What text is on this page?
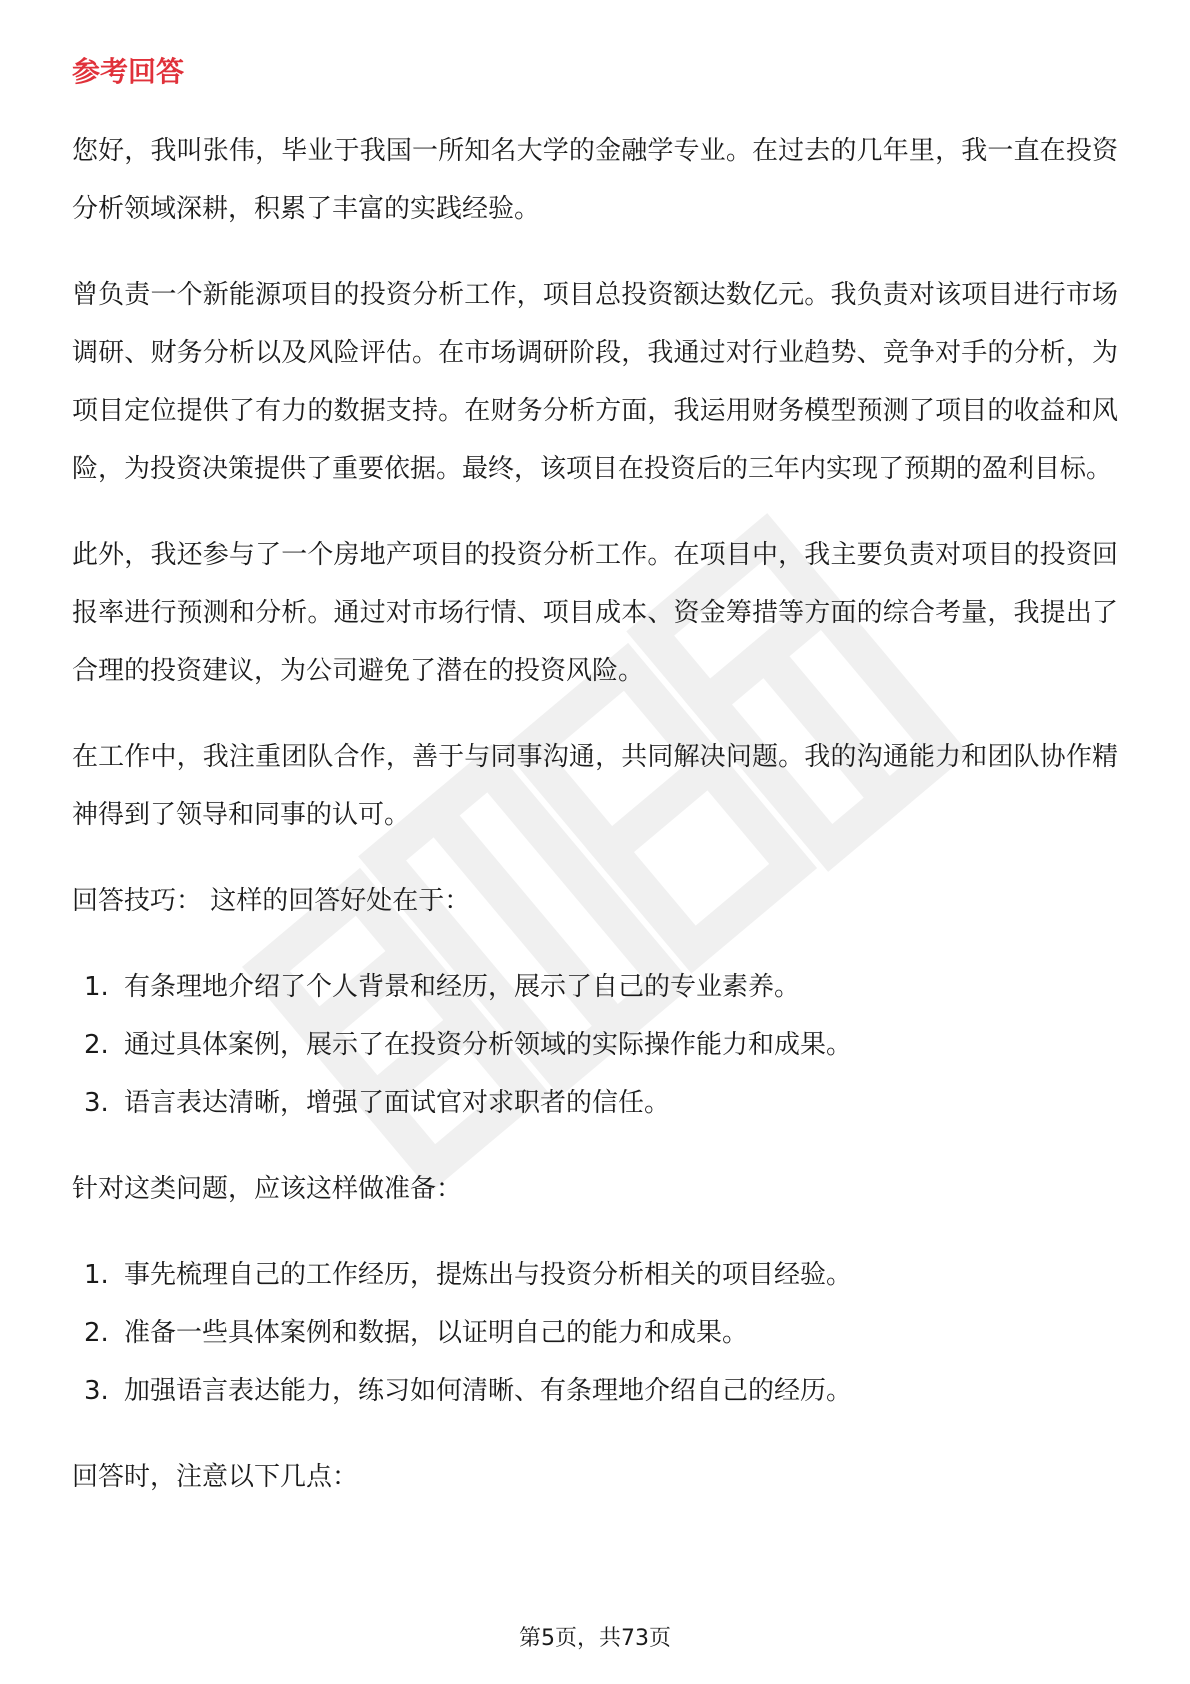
参考回答

您好，我叫张伟，毕业于我国一所知名大学的金融学专业。在过去的几年里，我一直在投资分析领域深耕，积累了丰富的实践经验。

曾负责一个新能源项目的投资分析工作，项目总投资额达数亿元。我负责对该项目进行市场调研、财务分析以及风险评估。在市场调研阶段，我通过对行业趋势、竞争对手的分析，为项目定位提供了有力的数据支持。在财务分析方面，我运用财务模型预测了项目的收益和风险，为投资决策提供了重要依据。最终，该项目在投资后的三年内实现了预期的盈利目标。

此外，我还参与了一个房地产项目的投资分析工作。在项目中，我主要负责对项目的投资回报率进行预测和分析。通过对市场行情、项目成本、资金筹措等方面的综合考量，我提出了合理的投资建议，为公司避免了潜在的投资风险。

在工作中，我注重团队合作，善于与同事沟通，共同解决问题。我的沟通能力和团队协作精神得到了领导和同事的认可。

回答技巧： 这样的回答好处在于：

1. 有条理地介绍了个人背景和经历，展示了自己的专业素养。
2. 通过具体案例，展示了在投资分析领域的实际操作能力和成果。
3. 语言表达清晰，增强了面试官对求职者的信任。

针对这类问题，应该这样做准备：

1. 事先梳理自己的工作经历，提炼出与投资分析相关的项目经验。
2. 准备一些具体案例和数据，以证明自己的能力和成果。
3. 加强语言表达能力，练习如何清晰、有条理地介绍自己的经历。

回答时，注意以下几点：

第5页，共73页
